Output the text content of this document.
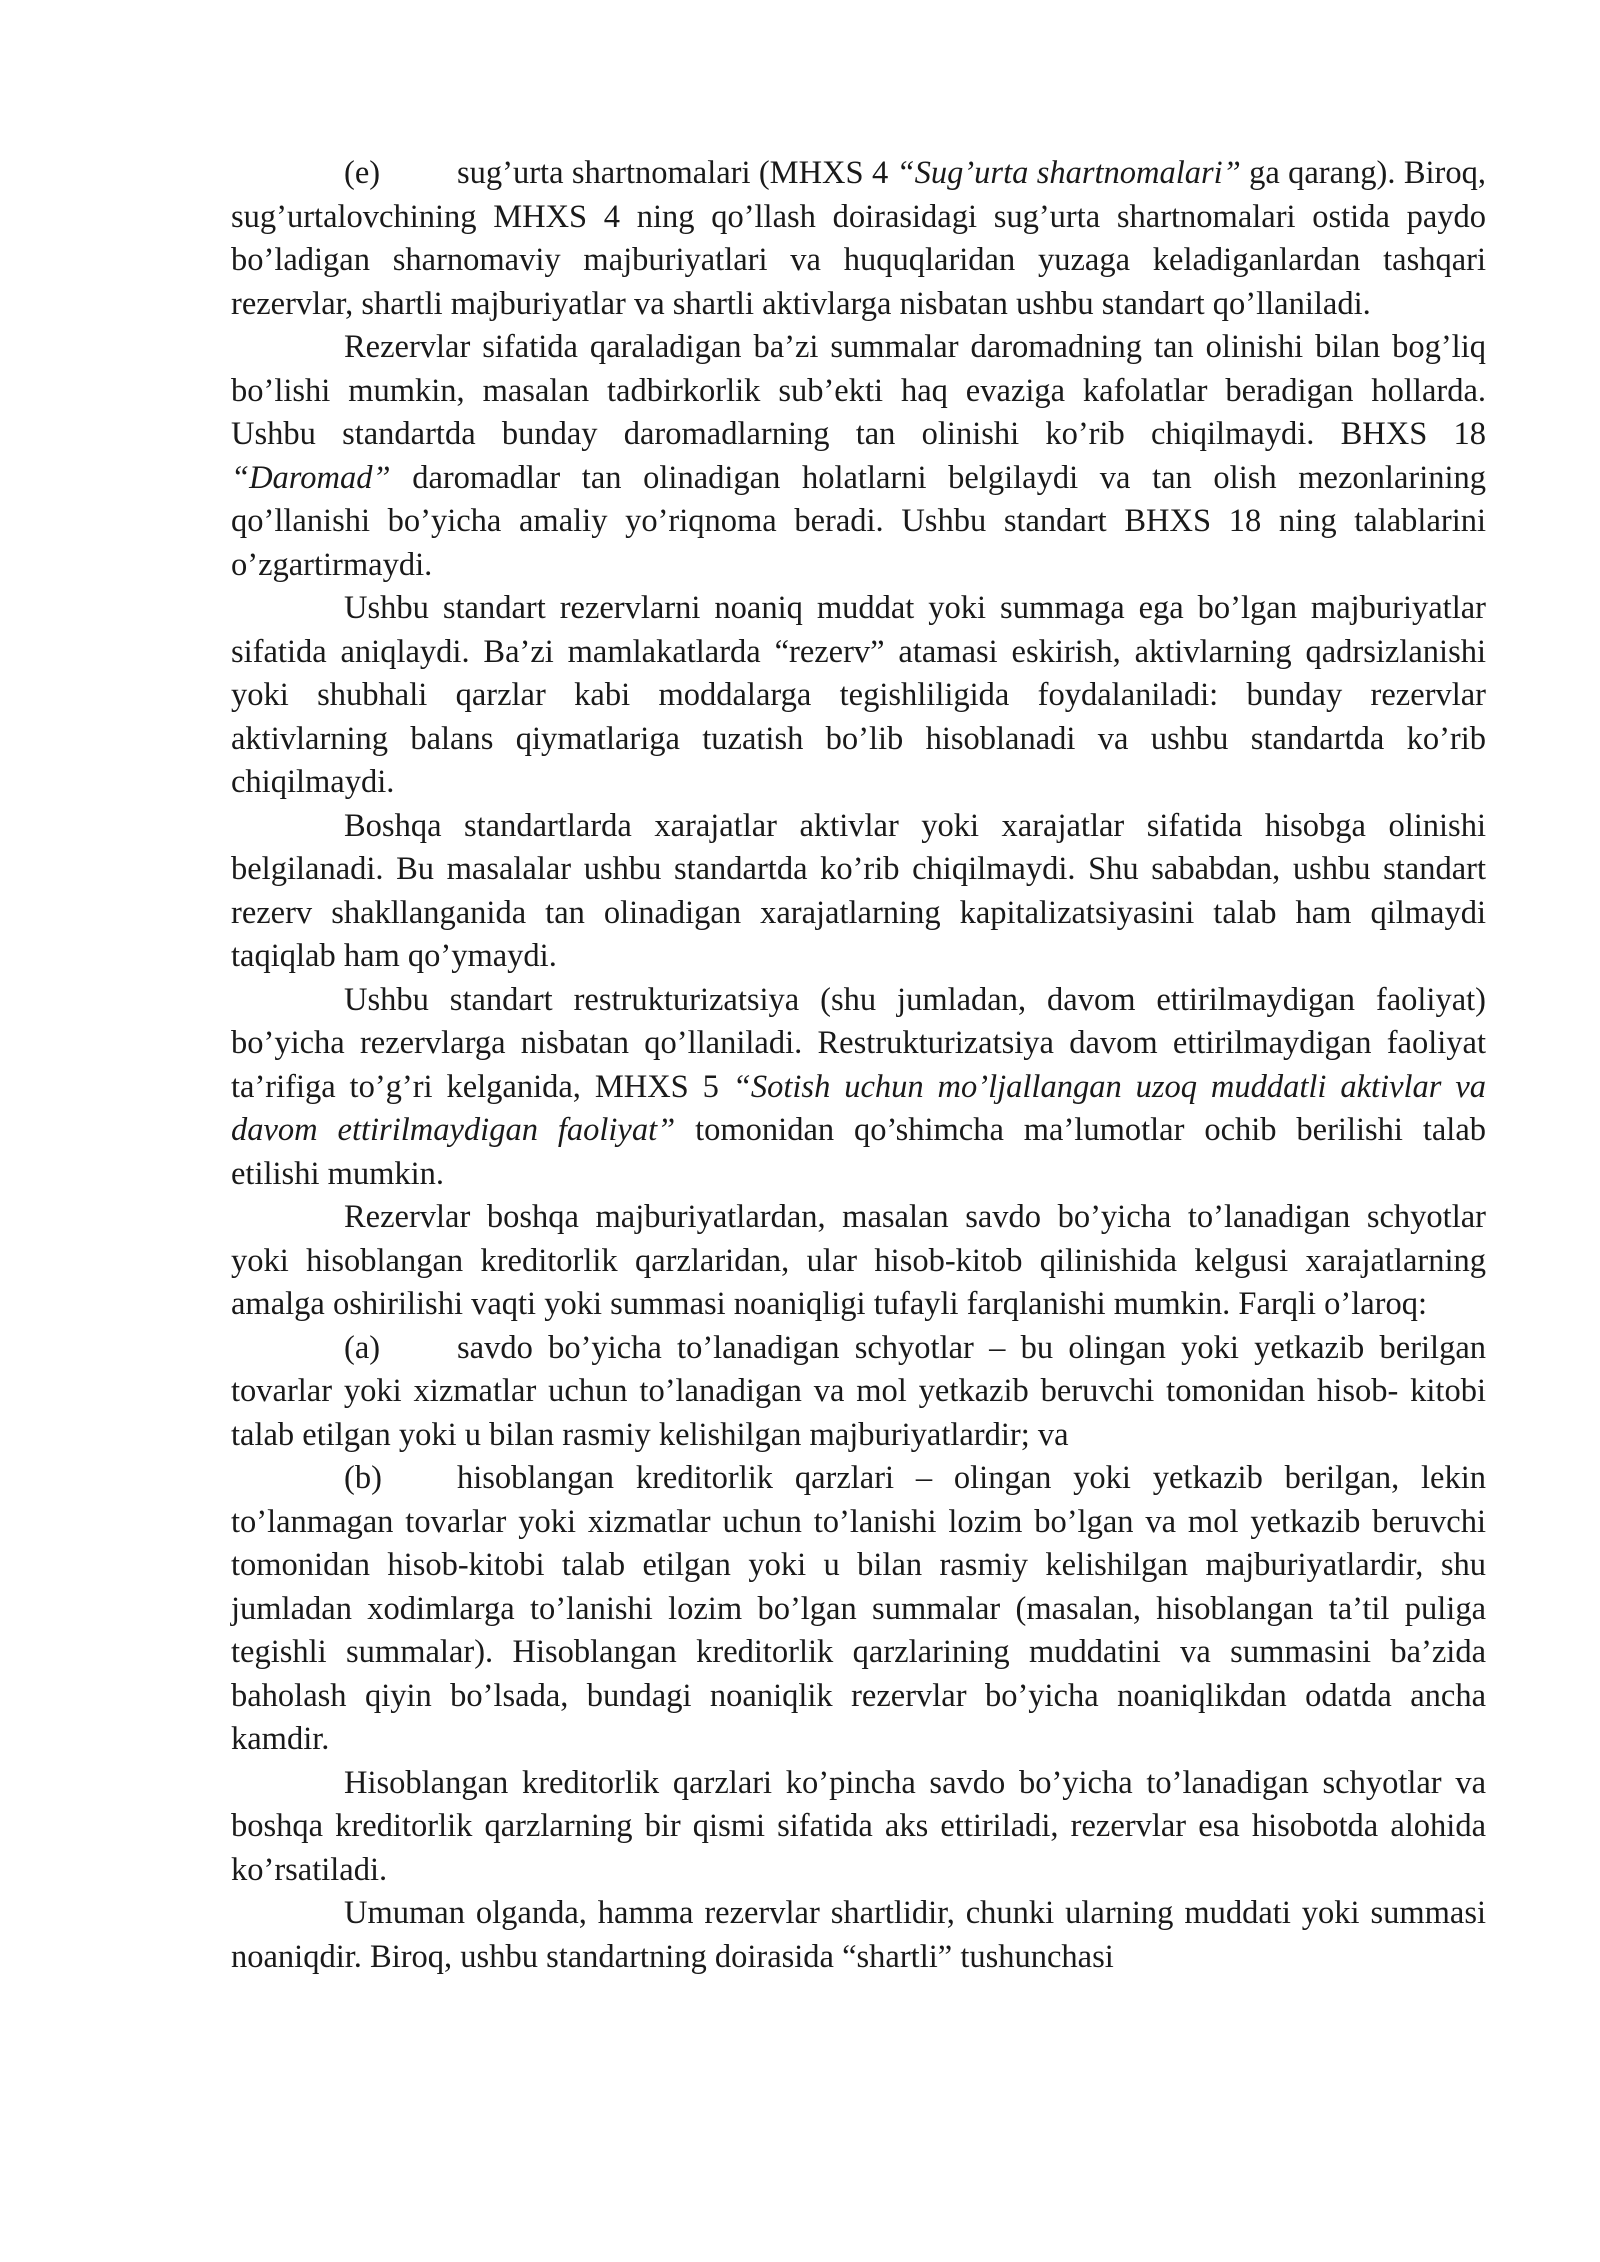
(e) sug’urta shartnomalari (MHXS 4 “Sug’urta shartnomalari” ga qarang). Biroq, sug’urtalovchining MHXS 4 ning qo’llash doirasidagi sug’urta shartnomalari ostida paydo bo’ladigan sharnomaviy majburiyatlari va huquqlaridan yuzaga keladiganlardan tashqari rezervlar, shartli majburiyatlar va shartli aktivlarga nisbatan ushbu standart qo’llaniladi.

Rezervlar sifatida qaraladigan ba’zi summalar daromadning tan olinishi bilan bog’liq bo’lishi mumkin, masalan tadbirkorlik sub’ekti haq evaziga kafolatlar beradigan hollarda. Ushbu standartda bunday daromadlarning tan olinishi ko’rib chiqilmaydi. BHXS 18 “Daromad” daromadlar tan olinadigan holatlarni belgilaydi va tan olish mezonlarining qo’llanishi bo’yicha amaliy yo’riqnoma beradi. Ushbu standart BHXS 18 ning talablarini o’zgartirmaydi.

Ushbu standart rezervlarni noaniq muddat yoki summaga ega bo’lgan majburiyatlar sifatida aniqlaydi. Ba’zi mamlakatlarda “rezerv” atamasi eskirish, aktivlarning qadrsizlanishi yoki shubhali qarzlar kabi moddalarga tegishliligida foydalaniladi: bunday rezervlar aktivlarning balans qiymatlariga tuzatish bo’lib hisoblanadi va ushbu standartda ko’rib chiqilmaydi.

Boshqa standartlarda xarajatlar aktivlar yoki xarajatlar sifatida hisobga olinishi belgilanadi. Bu masalalar ushbu standartda ko’rib chiqilmaydi. Shu sababdan, ushbu standart rezerv shakllanganida tan olinadigan xarajatlarning kapitalizatsiyasini talab ham qilmaydi taqiqlab ham qo’ymaydi.

Ushbu standart restrukturizatsiya (shu jumladan, davom ettirilmaydigan faoliyat) bo’yicha rezervlarga nisbatan qo’llaniladi. Restrukturizatsiya davom ettirilmaydigan faoliyat ta’rifiga to’g’ri kelganida, MHXS 5 “Sotish uchun mo’ljallangan uzoq muddatli aktivlar va davom ettirilmaydigan faoliyat” tomonidan qo’shimcha ma’lumotlar ochib berilishi talab etilishi mumkin.

Rezervlar boshqa majburiyatlardan, masalan savdo bo’yicha to’lanadigan schyotlar yoki hisoblangan kreditorlik qarzlaridan, ular hisob-kitob qilinishida kelgusi xarajatlarning amalga oshirilishi vaqti yoki summasi noaniqligi tufayli farqlanishi mumkin. Farqli o’laroq:

(a) savdo bo’yicha to’lanadigan schyotlar – bu olingan yoki yetkazib berilgan tovarlar yoki xizmatlar uchun to’lanadigan va mol yetkazib beruvchi tomonidan hisob- kitobi talab etilgan yoki u bilan rasmiy kelishilgan majburiyatlardir; va

(b) hisoblangan kreditorlik qarzlari – olingan yoki yetkazib berilgan, lekin to’lanmagan tovarlar yoki xizmatlar uchun to’lanishi lozim bo’lgan va mol yetkazib beruvchi tomonidan hisob-kitobi talab etilgan yoki u bilan rasmiy kelishilgan majburiyatlardir, shu jumladan xodimlarga to’lanishi lozim bo’lgan summalar (masalan, hisoblangan ta’til puliga tegishli summalar). Hisoblangan kreditorlik qarzlarining muddatini va summasini ba’zida baholash qiyin bo’lsada, bundagi noaniqlik rezervlar bo’yicha noaniqlikdan odatda ancha kamdir.

Hisoblangan kreditorlik qarzlari ko’pincha savdo bo’yicha to’lanadigan schyotlar va boshqa kreditorlik qarzlarning bir qismi sifatida aks ettiriladi, rezervlar esa hisobotda alohida ko’rsatiladi.

Umuman olganda, hamma rezervlar shartlidir, chunki ularning muddati yoki summasi noaniqdir. Biroq, ushbu standartning doirasida “shartli” tushunchasi
